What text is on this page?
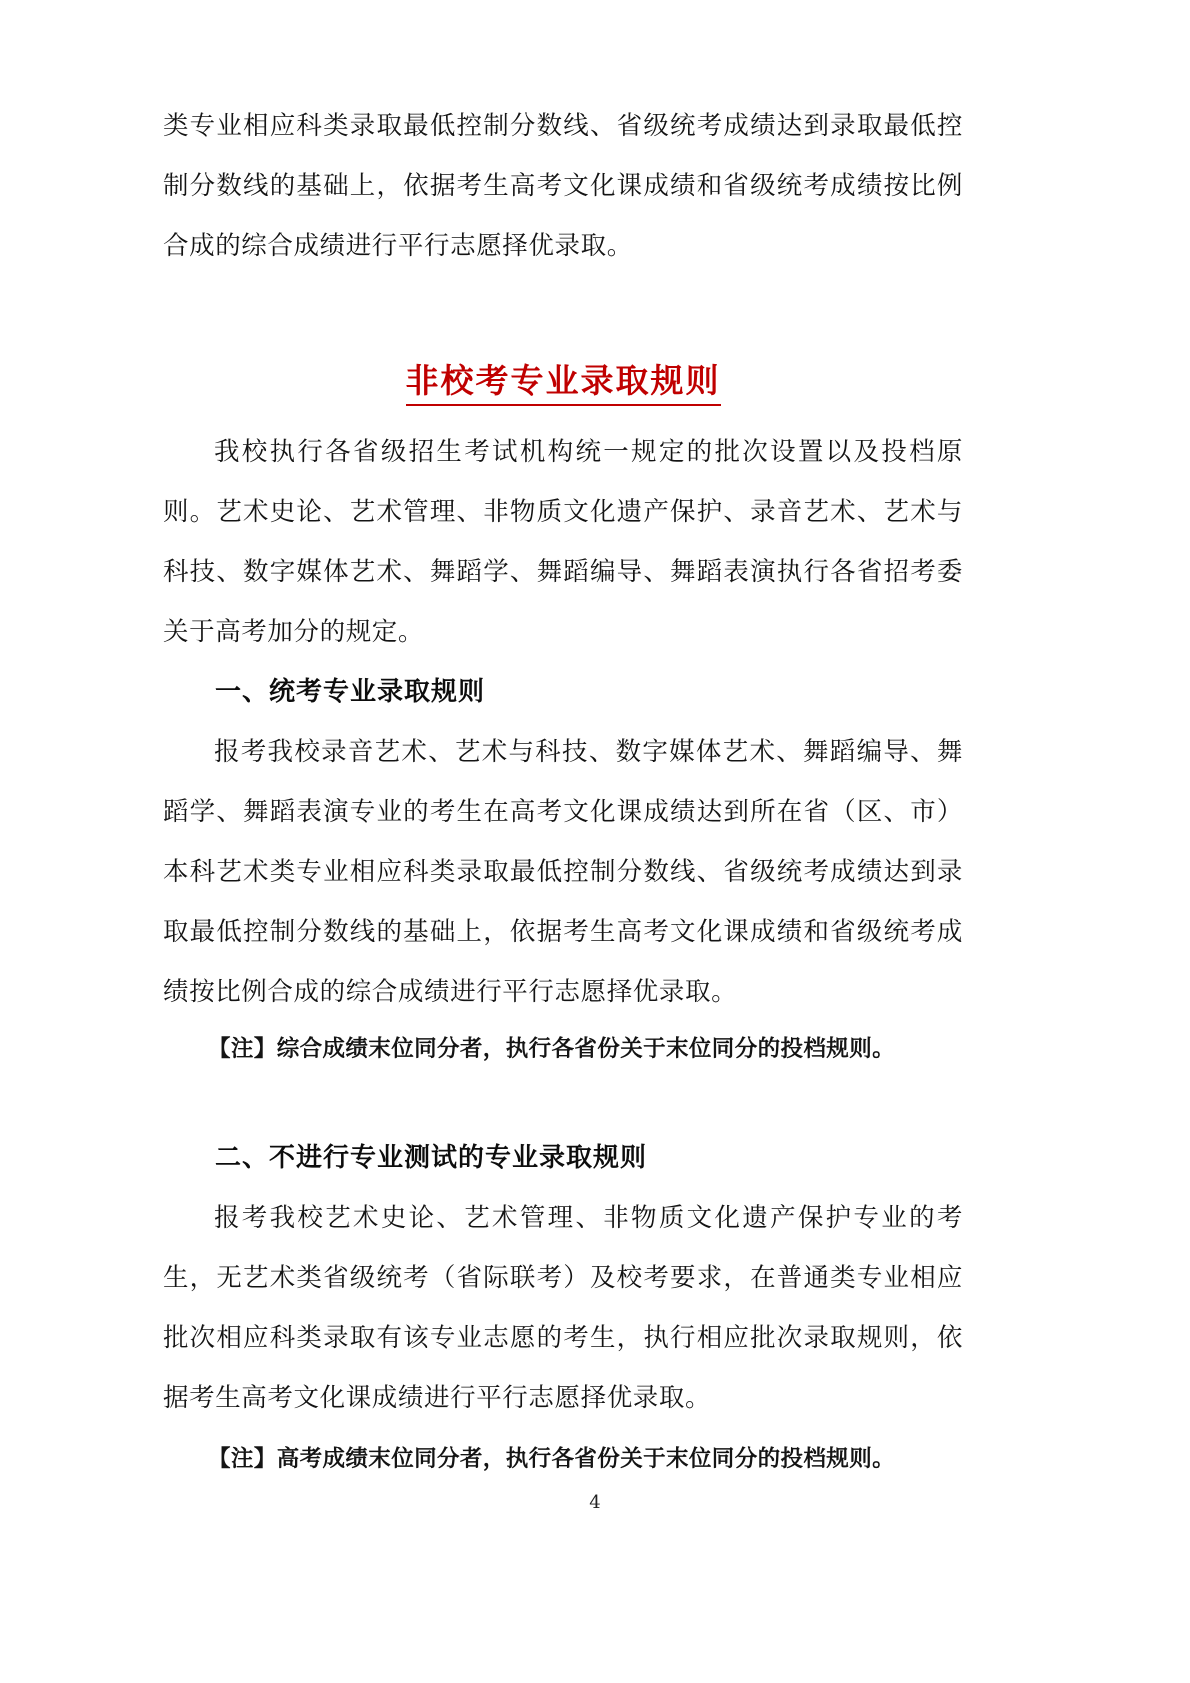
类专业相应科类录取最低控制分数线、省级统考成绩达到录取最低控制分数线的基础上，依据考生高考文化课成绩和省级统考成绩按比例合成的综合成绩进行平行志愿择优录取。

非校考专业录取规则

我校执行各省级招生考试机构统一规定的批次设置以及投档原则。艺术史论、艺术管理、非物质文化遗产保护、录音艺术、艺术与科技、数字媒体艺术、舞蹈学、舞蹈编导、舞蹈表演执行各省招考委关于高考加分的规定。

一、统考专业录取规则

报考我校录音艺术、艺术与科技、数字媒体艺术、舞蹈编导、舞蹈学、舞蹈表演专业的考生在高考文化课成绩达到所在省（区、市）本科艺术类专业相应科类录取最低控制分数线、省级统考成绩达到录取最低控制分数线的基础上，依据考生高考文化课成绩和省级统考成绩按比例合成的综合成绩进行平行志愿择优录取。

【注】综合成绩末位同分者，执行各省份关于末位同分的投档规则。

二、不进行专业测试的专业录取规则

报考我校艺术史论、艺术管理、非物质文化遗产保护专业的考生，无艺术类省级统考（省际联考）及校考要求，在普通类专业相应批次相应科类录取有该专业志愿的考生，执行相应批次录取规则，依据考生高考文化课成绩进行平行志愿择优录取。

【注】高考成绩末位同分者，执行各省份关于末位同分的投档规则。

4
